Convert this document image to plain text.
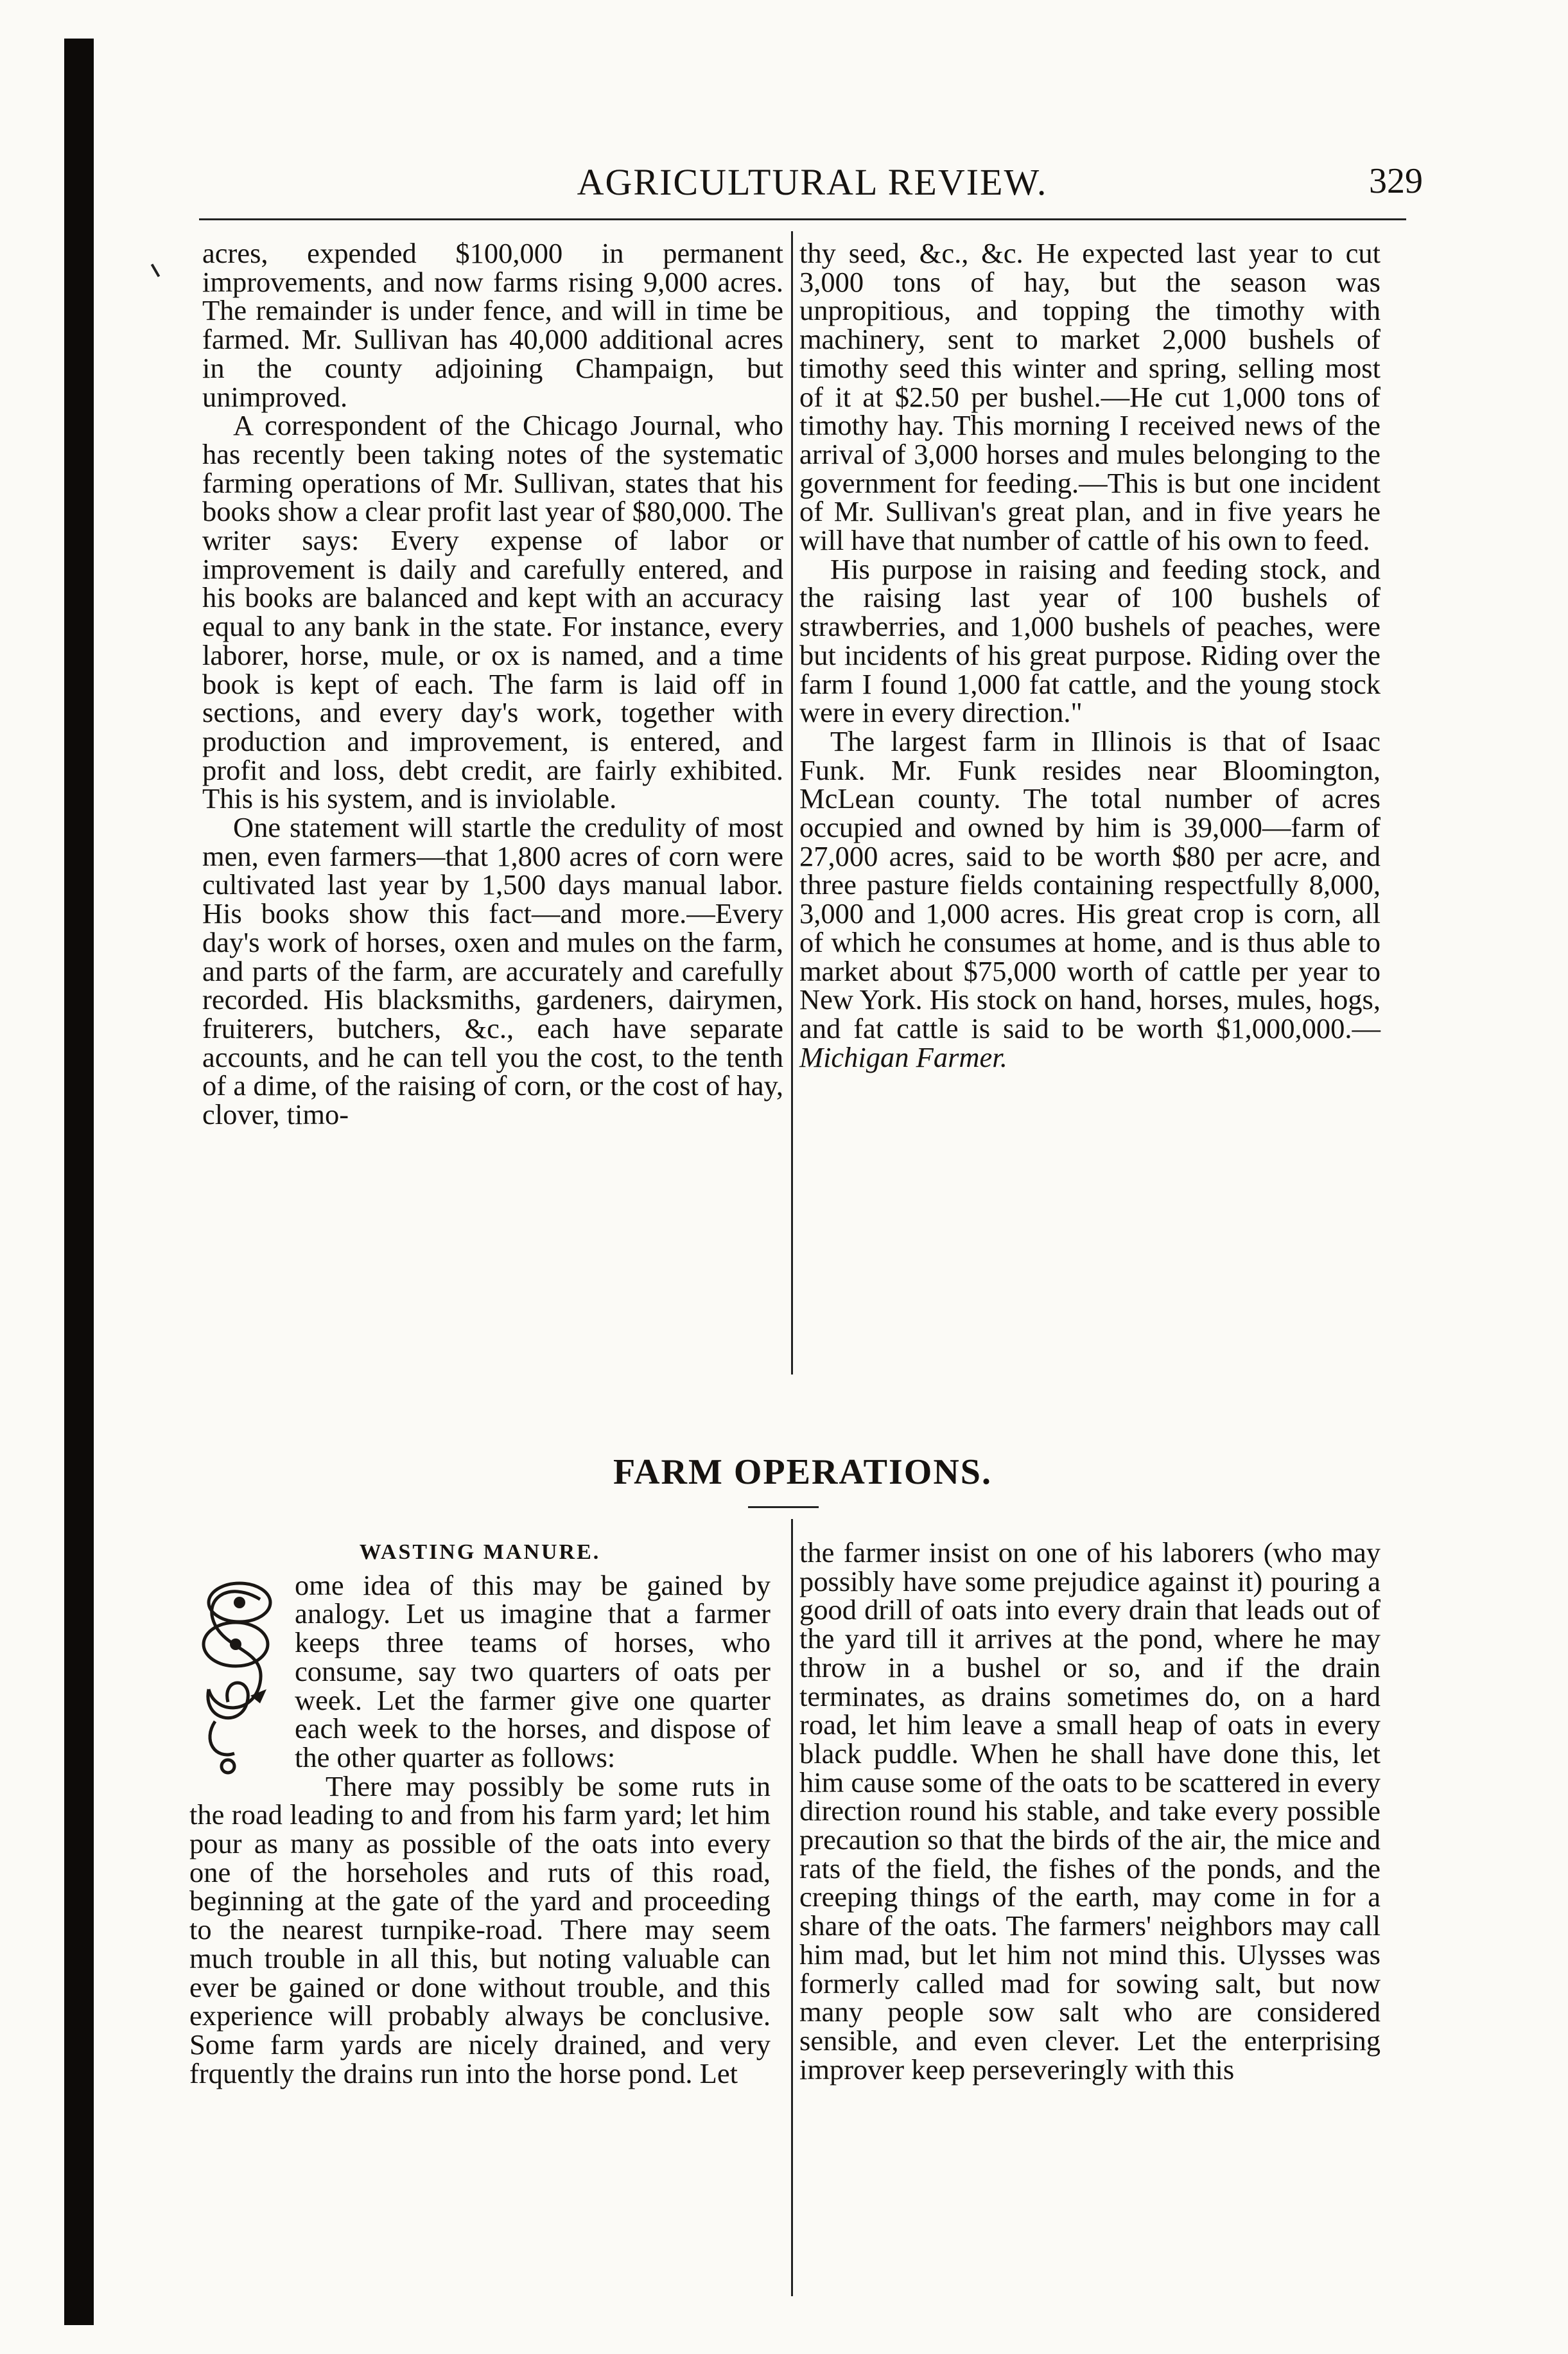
AGRICULTURAL REVIEW.	329

acres, expended $100,000 in permanent improvements, and now farms rising 9,000 acres. The remainder is under fence, and will in time be farmed. Mr. Sullivan has 40,000 additional acres in the county adjoining Champaign, but unimproved.

A correspondent of the Chicago Journal, who has recently been taking notes of the systematic farming operations of Mr. Sullivan, states that his books show a clear profit last year of $80,000. The writer says: Every expense of labor or improvement is daily and carefully entered, and his books are balanced and kept with an accuracy equal to any bank in the state. For instance, every laborer, horse, mule, or ox is named, and a time book is kept of each. The farm is laid off in sections, and every day's work, together with production and improvement, is entered, and profit and loss, debt credit, are fairly exhibited. This is his system, and is inviolable.

One statement will startle the credulity of most men, even farmers—that 1,800 acres of corn were cultivated last year by 1,500 days manual labor. His books show this fact—and more.—Every day's work of horses, oxen and mules on the farm, and parts of the farm, are accurately and carefully recorded. His blacksmiths, gardeners, dairymen, fruiterers, butchers, &c., each have separate accounts, and he can tell you the cost, to the tenth of a dime, of the raising of corn, or the cost of hay, clover, timo-

thy seed, &c., &c. He expected last year to cut 3,000 tons of hay, but the season was unpropitious, and topping the timothy with machinery, sent to market 2,000 bushels of timothy seed this winter and spring, selling most of it at $2.50 per bushel.—He cut 1,000 tons of timothy hay. This morning I received news of the arrival of 3,000 horses and mules belonging to the government for feeding.—This is but one incident of Mr. Sullivan's great plan, and in five years he will have that number of cattle of his own to feed.

His purpose in raising and feeding stock, and the raising last year of 100 bushels of strawberries, and 1,000 bushels of peaches, were but incidents of his great purpose. Riding over the farm I found 1,000 fat cattle, and the young stock were in every direction."

The largest farm in Illinois is that of Isaac Funk. Mr. Funk resides near Bloomington, McLean county. The total number of acres occupied and owned by him is 39,000—farm of 27,000 acres, said to be worth $80 per acre, and three pasture fields containing respectfully 8,000, 3,000 and 1,000 acres. His great crop is corn, all of which he consumes at home, and is thus able to market about $75,000 worth of cattle per year to New York. His stock on hand, horses, mules, hogs, and fat cattle is said to be worth $1,000,000.—Michigan Farmer.

FARM OPERATIONS.
WASTING MANURE.

ome idea of this may be gained by analogy. Let us imagine that a farmer keeps three teams of horses, who consume, say two quarters of oats per week. Let the farmer give one quarter each week to the horses, and dispose of the other quarter as follows:

There may possibly be some ruts in the road leading to and from his farm yard; let him pour as many as possible of the oats into every one of the horseholes and ruts of this road, beginning at the gate of the yard and proceeding to the nearest turnpike-road. There may seem much trouble in all this, but noting valuable can ever be gained or done without trouble, and this experience will probably always be conclusive. Some farm yards are nicely drained, and very frquently the drains run into the horse pond. Let

the farmer insist on one of his laborers (who may possibly have some prejudice against it) pouring a good drill of oats into every drain that leads out of the yard till it arrives at the pond, where he may throw in a bushel or so, and if the drain terminates, as drains sometimes do, on a hard road, let him leave a small heap of oats in every black puddle. When he shall have done this, let him cause some of the oats to be scattered in every direction round his stable, and take every possible precaution so that the birds of the air, the mice and rats of the field, the fishes of the ponds, and the creeping things of the earth, may come in for a share of the oats. The farmers' neighbors may call him mad, but let him not mind this. Ulysses was formerly called mad for sowing salt, but now many people sow salt who are considered sensible, and even clever. Let the enterprising improver keep perseveringly with this
